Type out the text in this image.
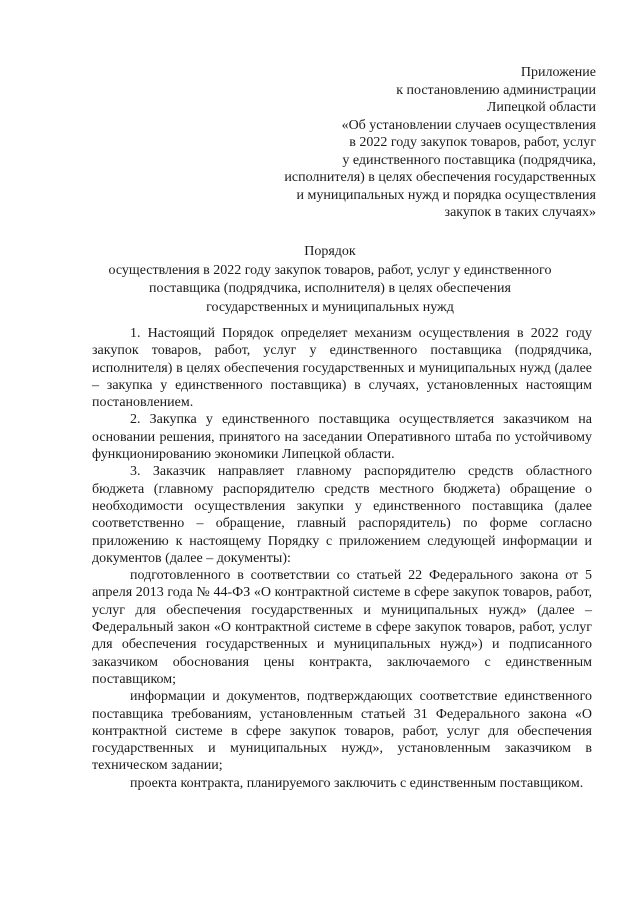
Приложение
к постановлению администрации
Липецкой области
«Об установлении случаев осуществления
в 2022 году закупок товаров, работ, услуг
у единственного поставщика (подрядчика,
исполнителя) в целях обеспечения государственных
и муниципальных нужд и порядка осуществления
закупок в таких случаях»
Порядок
осуществления в 2022 году закупок товаров, работ, услуг у единственного
поставщика (подрядчика, исполнителя) в целях обеспечения
государственных и муниципальных нужд

1. Настоящий Порядок определяет механизм осуществления в 2022 году закупок товаров, работ, услуг у единственного поставщика (подрядчика, исполнителя) в целях обеспечения государственных и муниципальных нужд (далее – закупка у единственного поставщика) в случаях, установленных настоящим постановлением.

2. Закупка у единственного поставщика осуществляется заказчиком на основании решения, принятого на заседании Оперативного штаба по устойчивому функционированию экономики Липецкой области.

3. Заказчик направляет главному распорядителю средств областного бюджета (главному распорядителю средств местного бюджета) обращение о необходимости осуществления закупки у единственного поставщика (далее соответственно – обращение, главный распорядитель) по форме согласно приложению к настоящему Порядку с приложением следующей информации и документов (далее – документы):

подготовленного в соответствии со статьей 22 Федерального закона от 5 апреля 2013 года № 44-ФЗ «О контрактной системе в сфере закупок товаров, работ, услуг для обеспечения государственных и муниципальных нужд» (далее – Федеральный закон «О контрактной системе в сфере закупок товаров, работ, услуг для обеспечения государственных и муниципальных нужд») и подписанного заказчиком обоснования цены контракта, заключаемого с единственным поставщиком;

информации и документов, подтверждающих соответствие единственного поставщика требованиям, установленным статьей 31 Федерального закона «О контрактной системе в сфере закупок товаров, работ, услуг для обеспечения государственных и муниципальных нужд», установленным заказчиком в техническом задании;

проекта контракта, планируемого заключить с единственным поставщиком.
